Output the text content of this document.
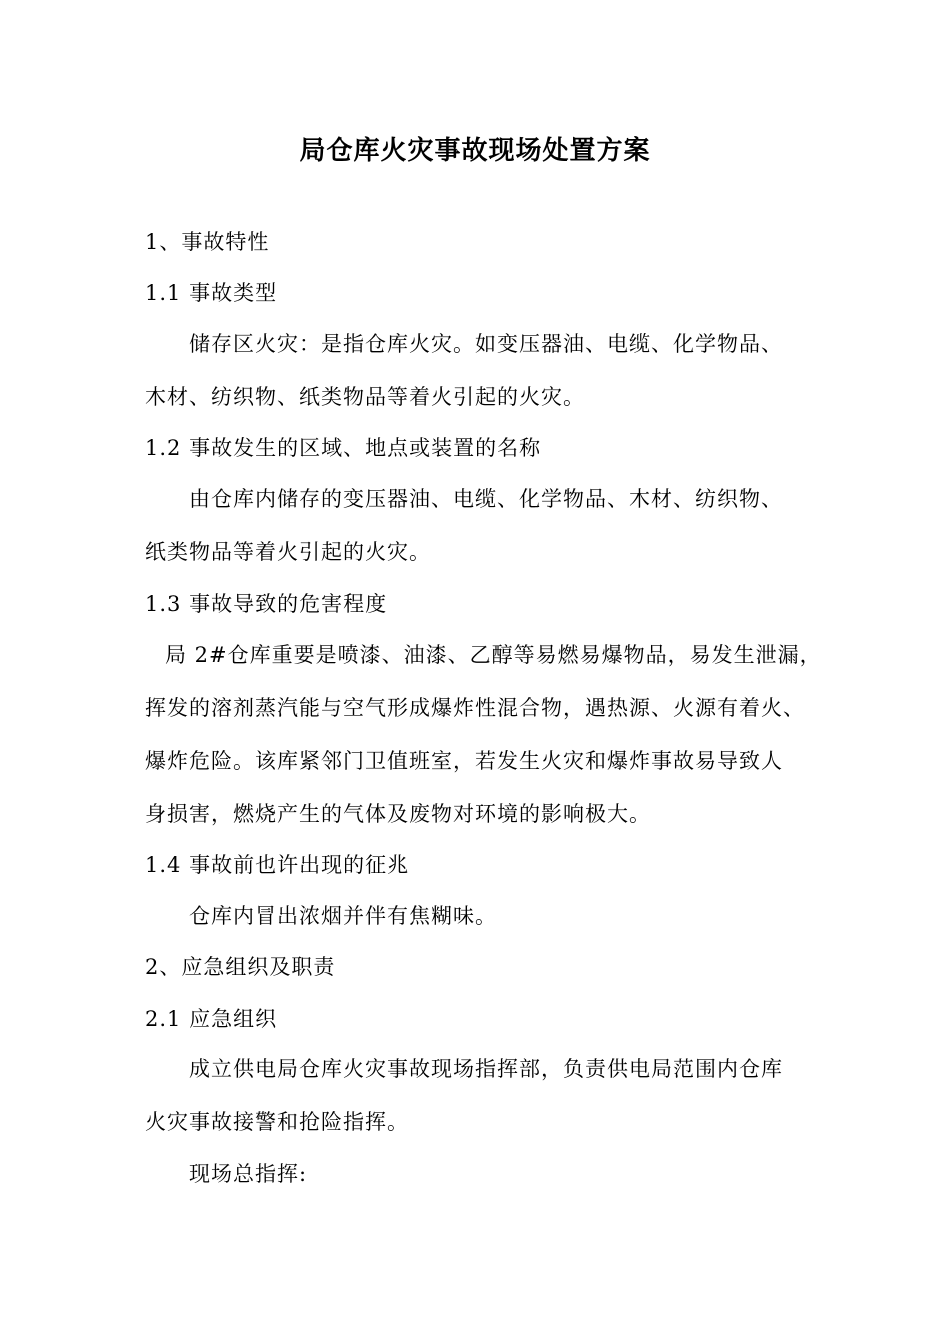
局仓库火灾事故现场处置方案
1、事故特性
1.1 事故类型
储存区火灾：是指仓库火灾。如变压器油、电缆、化学物品、
木材、纺织物、纸类物品等着火引起的火灾。
1.2 事故发生的区域、地点或装置的名称
由仓库内储存的变压器油、电缆、化学物品、木材、纺织物、
纸类物品等着火引起的火灾。
1.3 事故导致的危害程度
局 2#仓库重要是喷漆、油漆、乙醇等易燃易爆物品，易发生泄漏，
挥发的溶剂蒸汽能与空气形成爆炸性混合物，遇热源、火源有着火、
爆炸危险。该库紧邻门卫值班室，若发生火灾和爆炸事故易导致人
身损害，燃烧产生的气体及废物对环境的影响极大。
1.4 事故前也许出现的征兆
仓库内冒出浓烟并伴有焦糊味。
2、应急组织及职责
2.1 应急组织
成立供电局仓库火灾事故现场指挥部，负责供电局范围内仓库
火灾事故接警和抢险指挥。
现场总指挥:
